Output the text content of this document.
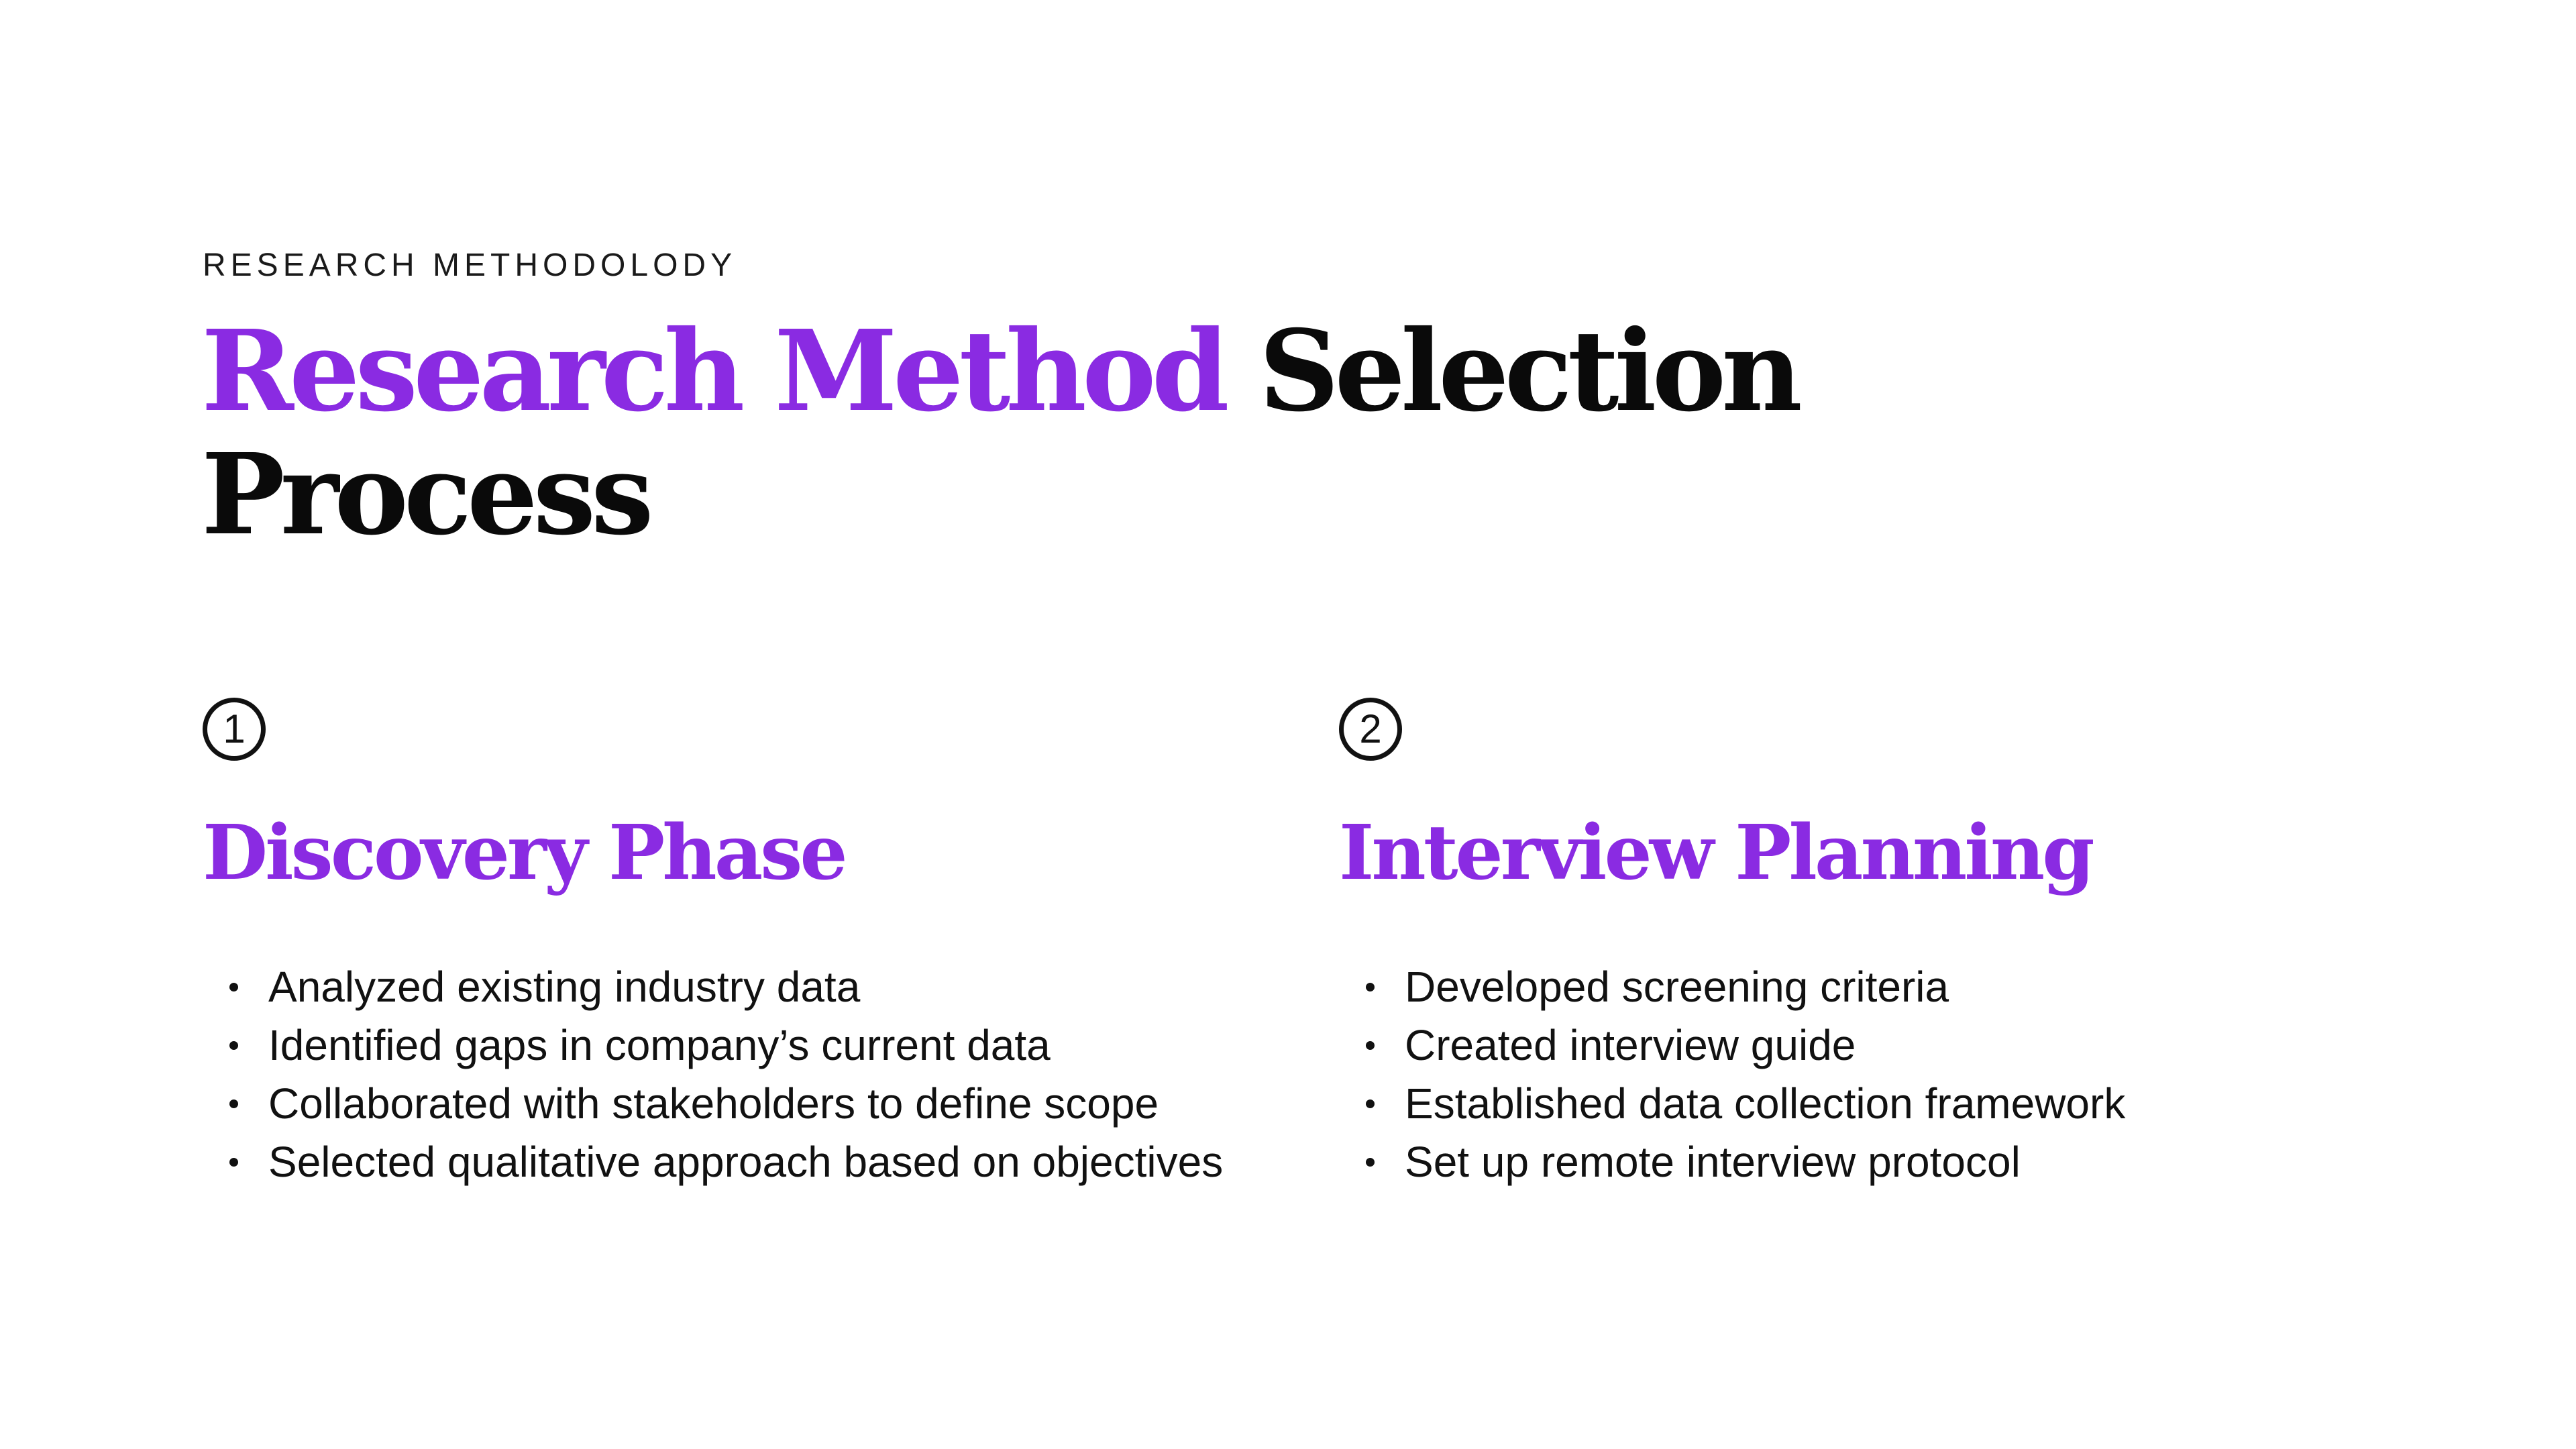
RESEARCH METHODOLODY
Research Method Selection Process
1
Discovery Phase
Analyzed existing industry data
Identified gaps in company’s current data
Collaborated with stakeholders to define scope
Selected qualitative approach based on objectives
2
Interview Planning
Developed screening criteria
Created interview guide
Established data collection framework
Set up remote interview protocol
